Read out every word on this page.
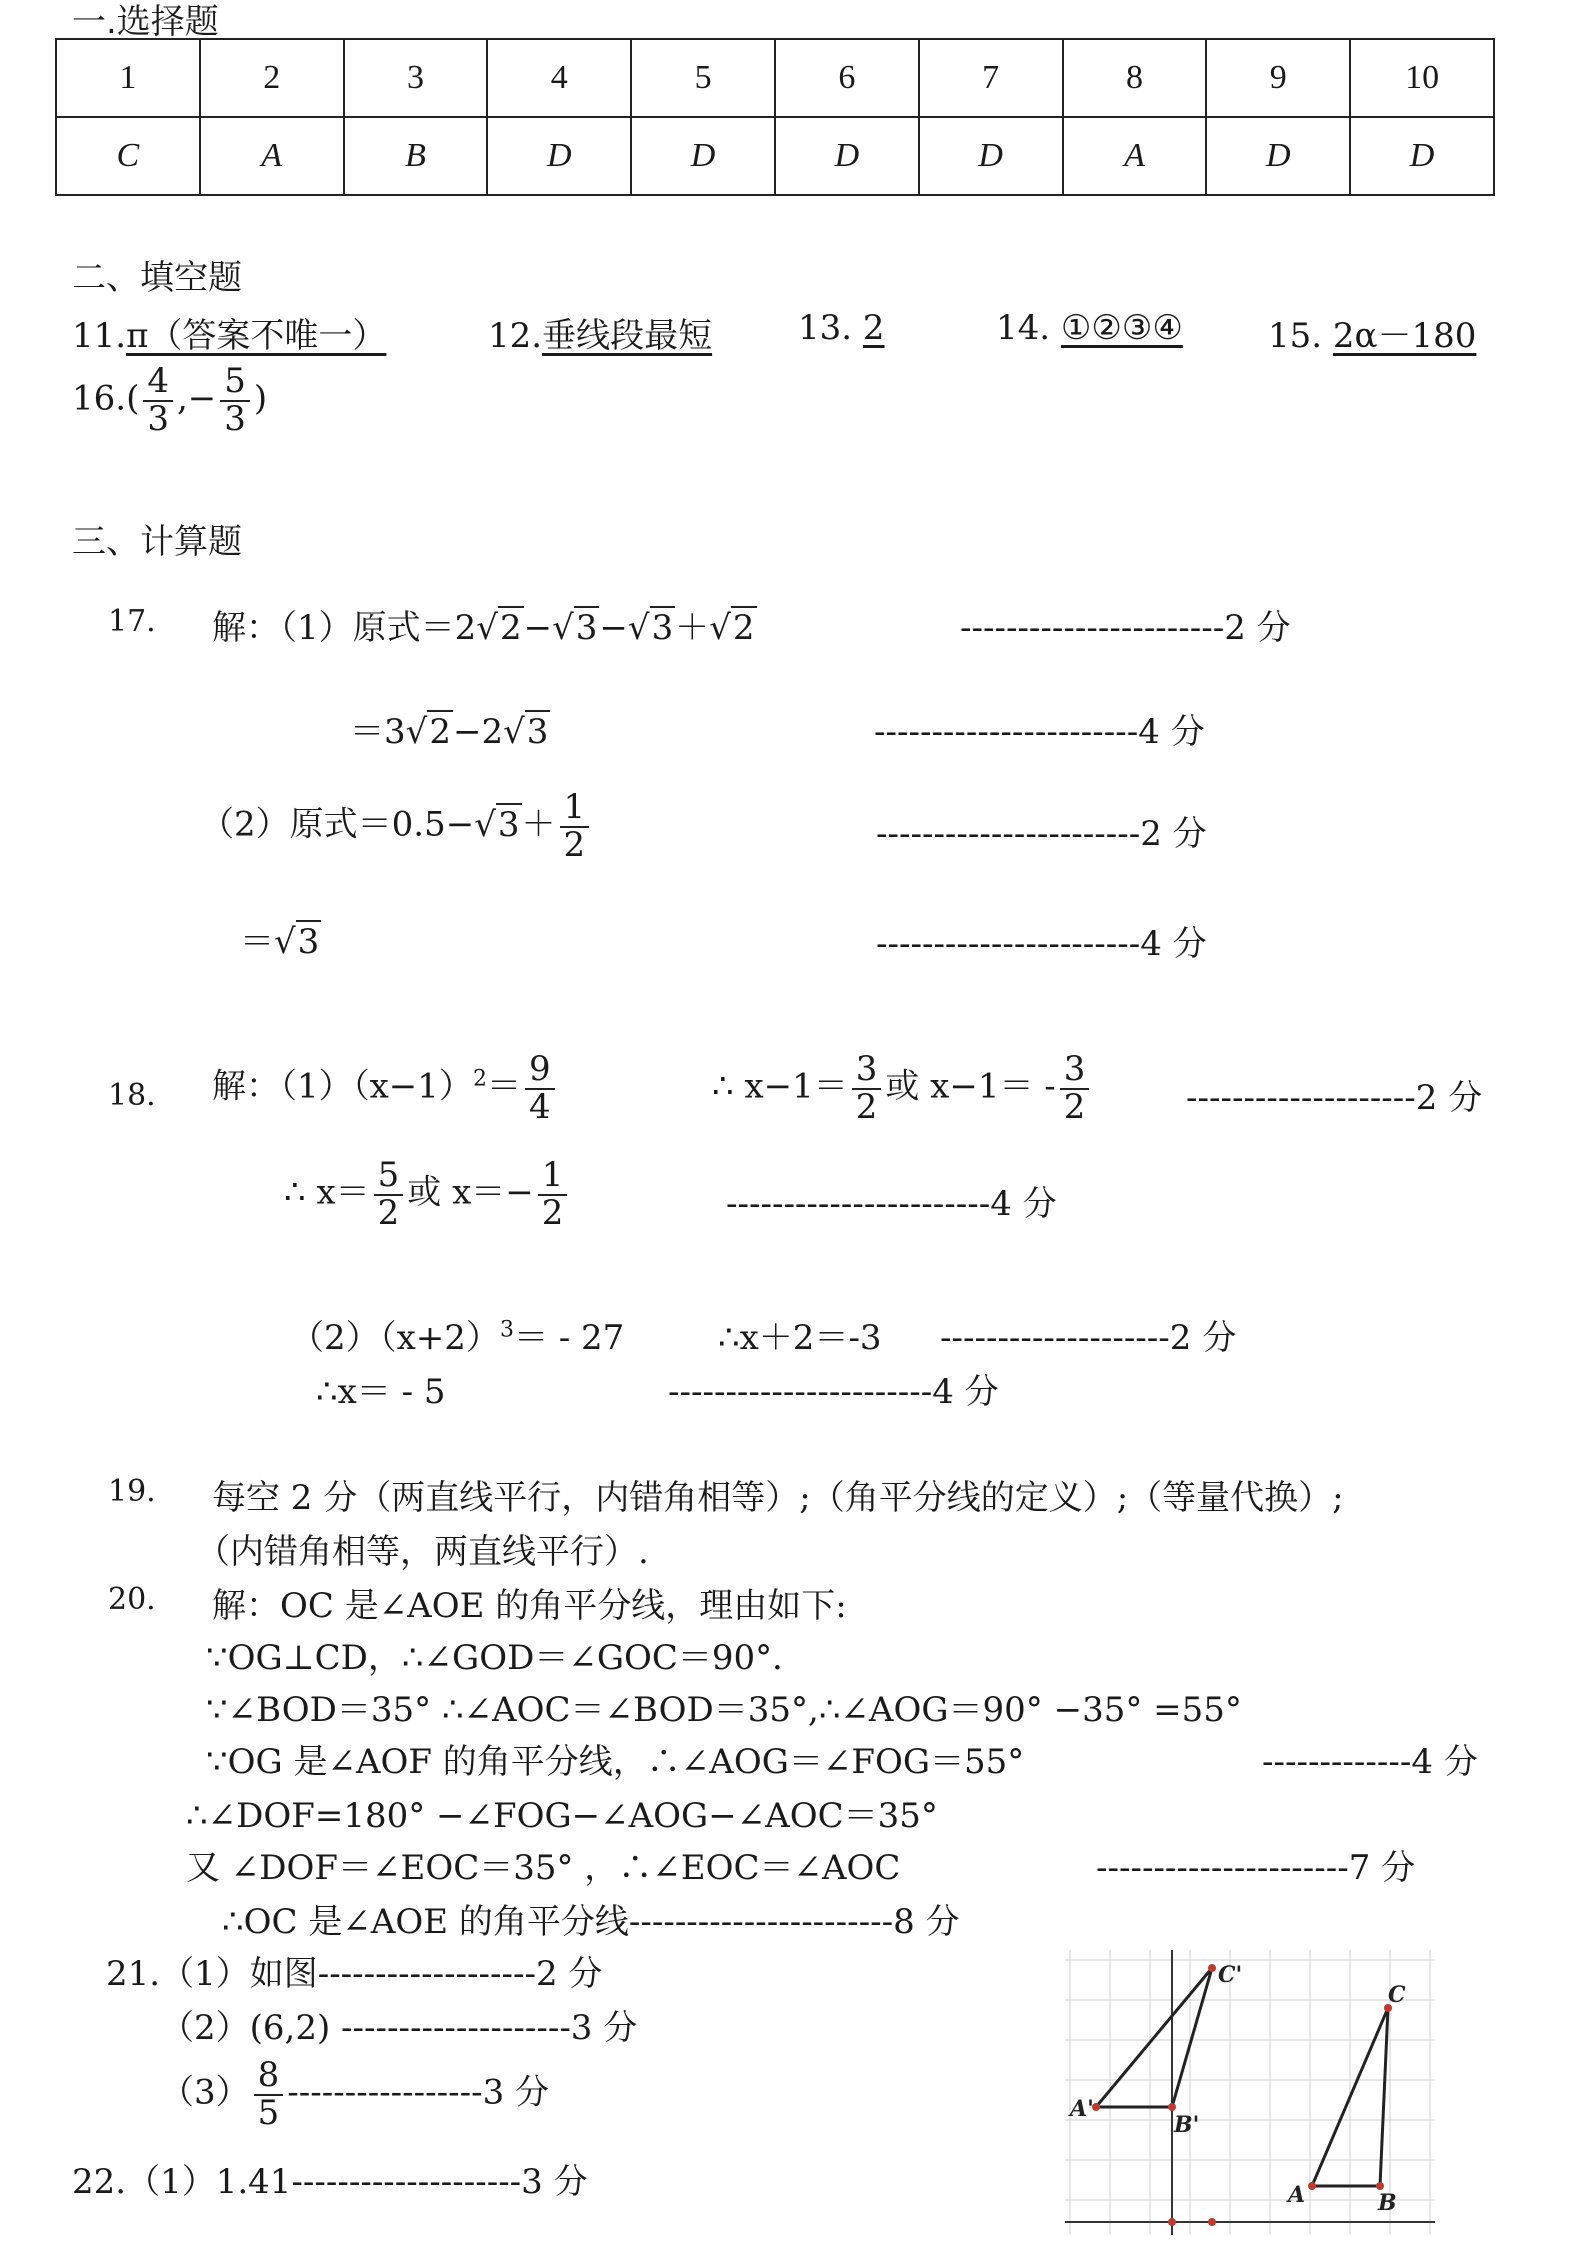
一.选择题
1	2	3	4	5	6	7	8	9	10
C	A	B	D	D	D	D	A	D	D
二、填空题
11.π（答案不唯一）	12.垂线段最短	13. 2	14. ①②③④	15. 2α－180
$16.( \frac{4}{3}$ ,− $\frac{5}{3}$ )
三、计算题
17. 解：（1）原式＝2√2−√3−√3＋√2	-----------------------2 分
＝3√2−2√3	-----------------------4 分
（2）原式$=0.5-√3+ \frac{1}{2}$	-----------------------2 分
＝√3	-----------------------4 分
18. 解：$(1)(x-1)^2= \frac{9}{4}$	∴ $x-1= \frac{3}{2}$ 或 $x-1= - \frac{3}{2}$	--------------------2 分
∴ $x= \frac{5}{2}$ 或 $x=- \frac{1}{2}$	-----------------------4 分
$(2)(x+2)^3= - 27$	∴x＋2＝-3 --------------------2 分
∴x＝ - 5	-----------------------4 分
19. 每空 2 分（两直线平行，内错角相等）;（角平分线的定义）;（等量代换）;
（内错角相等，两直线平行）.
20. 解：OC 是∠AOE 的角平分线，理由如下:
∵OG⊥CD，∴∠GOD＝∠GOC＝90°．
∵∠BOD＝35° ∴∠AOC＝∠BOD＝35°,∴∠AOG＝90° −35° =55°
∵OG 是∠AOF 的角平分线，∴∠AOG＝∠FOG＝55°	-------------4 分
∴∠DOF=180° −∠FOG−∠AOG−∠AOC＝35°
又 ∠DOF＝∠EOC＝35° ，∴∠EOC＝∠AOC	----------------------7 分
∴OC 是∠AOE 的角平分线-----------------------8 分
21.（1）如图-------------------2 分
（2）(6,2) --------------------3 分
$(3) \frac{8}{5} -----------------3$ 分
22.（1）1.41--------------------3 分
C'
A'
B'
C
A	B
